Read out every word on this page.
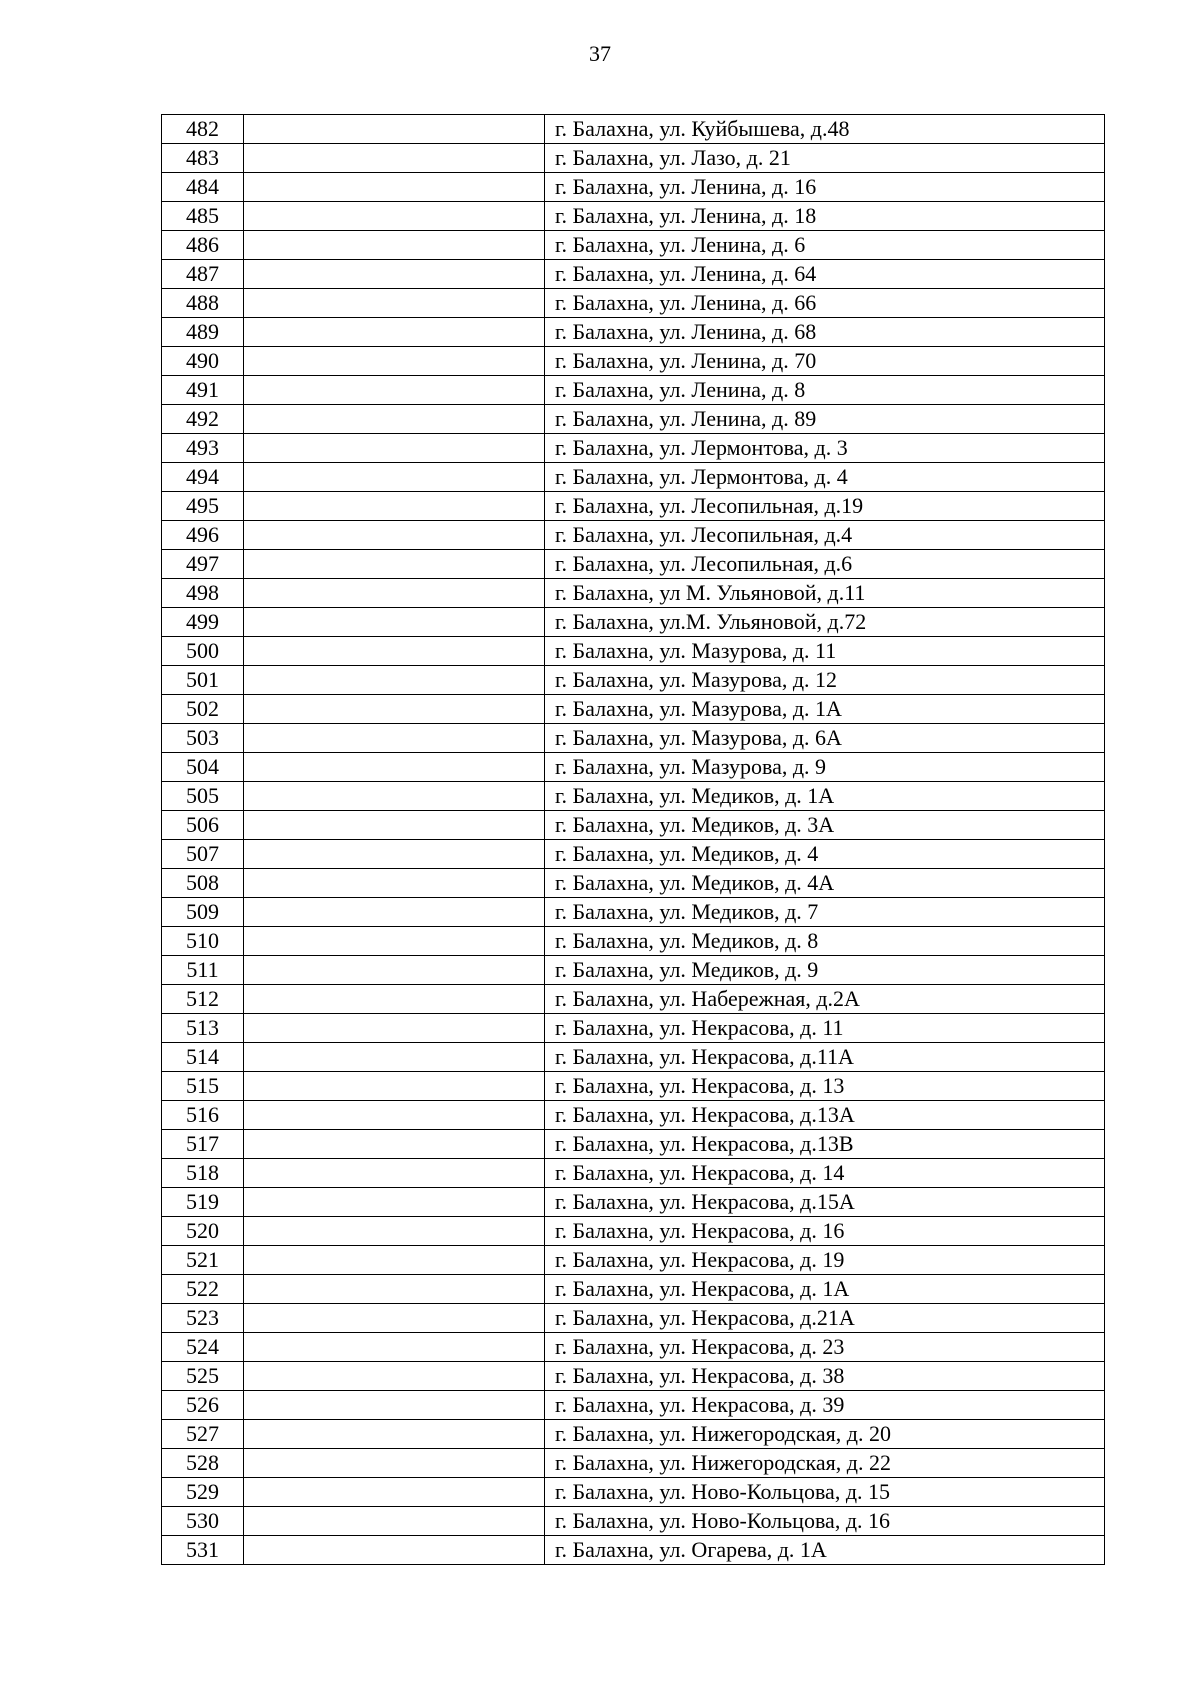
37
482		г. Балахна, ул. Куйбышева, д.48
483		г. Балахна, ул. Лазо, д. 21
484		г. Балахна, ул. Ленина, д. 16
485		г. Балахна, ул. Ленина, д. 18
486		г. Балахна, ул. Ленина, д. 6
487		г. Балахна, ул. Ленина, д. 64
488		г. Балахна, ул. Ленина, д. 66
489		г. Балахна, ул. Ленина, д. 68
490		г. Балахна, ул. Ленина, д. 70
491		г. Балахна, ул. Ленина, д. 8
492		г. Балахна, ул. Ленина, д. 89
493		г. Балахна, ул. Лермонтова, д. 3
494		г. Балахна, ул. Лермонтова, д. 4
495		г. Балахна, ул. Лесопильная, д.19
496		г. Балахна, ул. Лесопильная, д.4
497		г. Балахна, ул. Лесопильная, д.6
498		г. Балахна, ул М. Ульяновой, д.11
499		г. Балахна, ул.М. Ульяновой, д.72
500		г. Балахна, ул. Мазурова, д. 11
501		г. Балахна, ул. Мазурова, д. 12
502		г. Балахна, ул. Мазурова, д. 1А
503		г. Балахна, ул. Мазурова, д. 6А
504		г. Балахна, ул. Мазурова, д. 9
505		г. Балахна, ул. Медиков, д. 1А
506		г. Балахна, ул. Медиков, д. 3А
507		г. Балахна, ул. Медиков, д. 4
508		г. Балахна, ул. Медиков, д. 4А
509		г. Балахна, ул. Медиков, д. 7
510		г. Балахна, ул. Медиков, д. 8
511		г. Балахна, ул. Медиков, д. 9
512		г. Балахна, ул. Набережная, д.2А
513		г. Балахна, ул. Некрасова, д. 11
514		г. Балахна, ул. Некрасова, д.11А
515		г. Балахна, ул. Некрасова, д. 13
516		г. Балахна, ул. Некрасова, д.13А
517		г. Балахна, ул. Некрасова, д.13В
518		г. Балахна, ул. Некрасова, д. 14
519		г. Балахна, ул. Некрасова, д.15А
520		г. Балахна, ул. Некрасова, д. 16
521		г. Балахна, ул. Некрасова, д. 19
522		г. Балахна, ул. Некрасова, д. 1А
523		г. Балахна, ул. Некрасова, д.21А
524		г. Балахна, ул. Некрасова, д. 23
525		г. Балахна, ул. Некрасова, д. 38
526		г. Балахна, ул. Некрасова, д. 39
527		г. Балахна, ул. Нижегородская, д. 20
528		г. Балахна, ул. Нижегородская, д. 22
529		г. Балахна, ул. Ново-Кольцова, д. 15
530		г. Балахна, ул. Ново-Кольцова, д. 16
531		г. Балахна, ул. Огарева, д. 1А
